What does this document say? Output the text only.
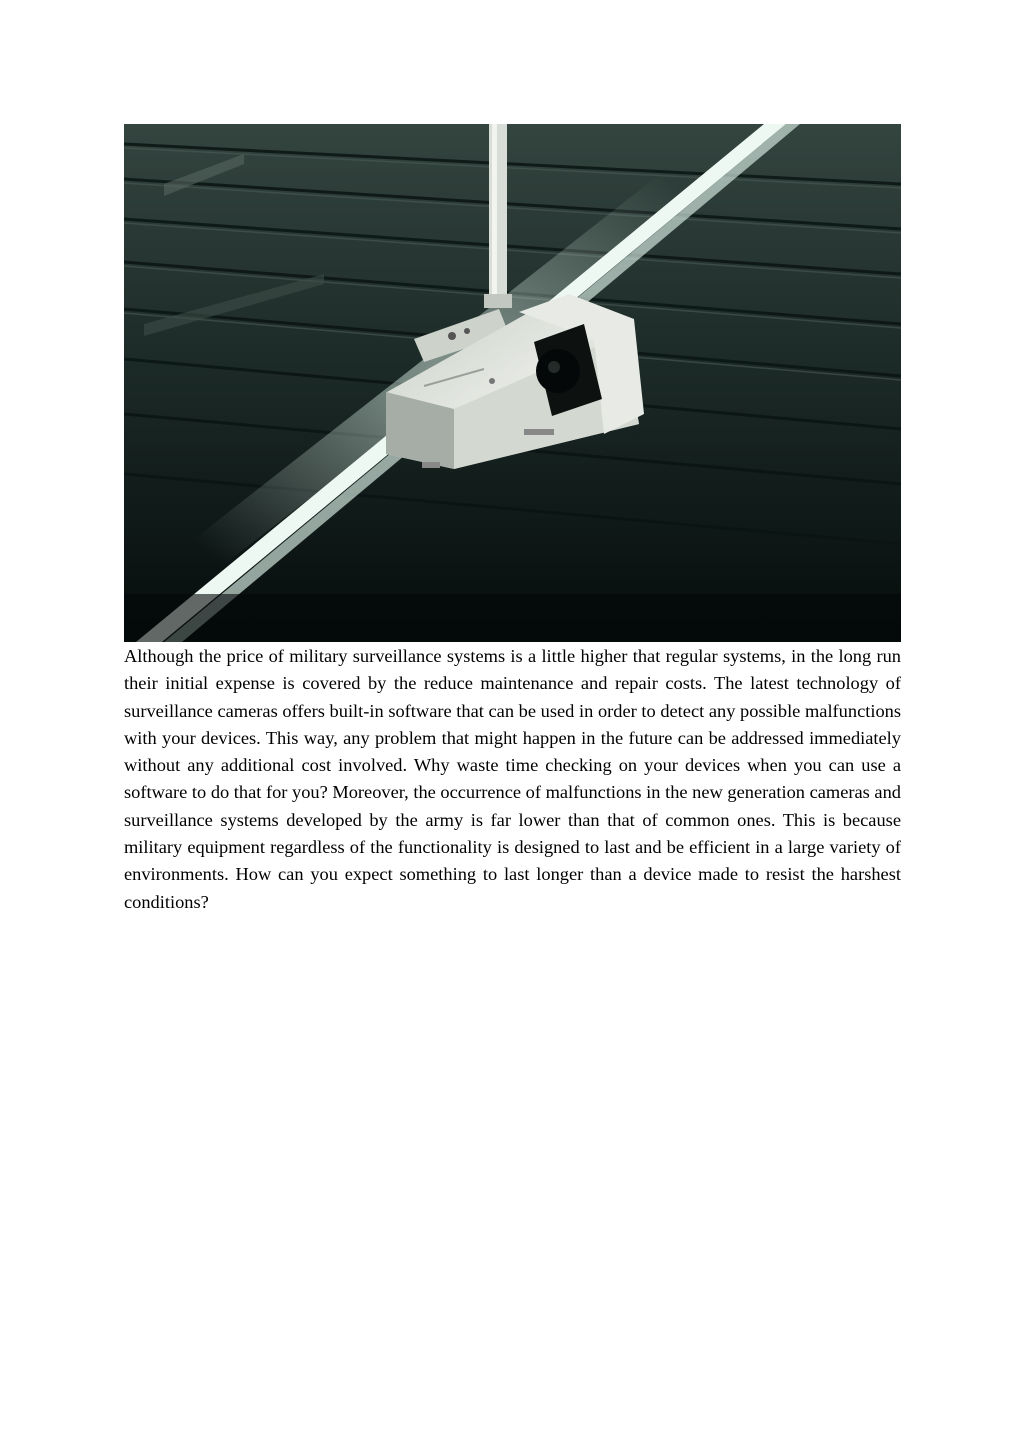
Although the price of military surveillance systems is a little higher that regular systems, in the long run their initial expense is covered by the reduce maintenance and repair costs. The latest technology of surveillance cameras offers built-in software that can be used in order to detect any possible malfunctions with your devices. This way, any problem that might happen in the future can be addressed immediately without any additional cost involved. Why waste time checking on your devices when you can use a software to do that for you? Moreover, the occurrence of malfunctions in the new generation cameras and surveillance systems developed by the army is far lower than that of common ones. This is because military equipment regardless of the functionality is designed to last and be efficient in a large variety of environments. How can you expect something to last longer than a device made to resist the harshest conditions?
